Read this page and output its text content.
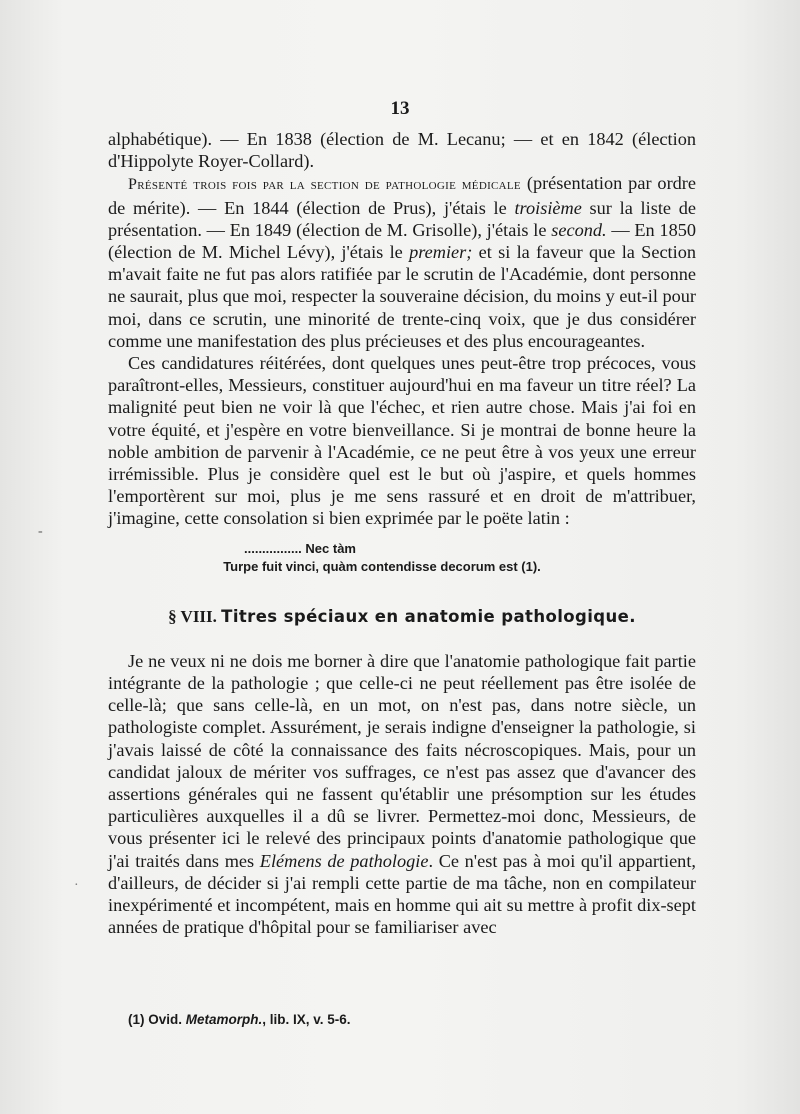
13

alphabétique). — En 1838 (élection de M. Lecanu; — et en 1842 (élection d'Hippolyte Royer-Collard).

Présenté trois fois par la section de pathologie médicale (présentation par ordre de mérite). — En 1844 (élection de Prus), j'étais le troisième sur la liste de présentation. — En 1849 (élection de M. Grisolle), j'étais le second. — En 1850 (élection de M. Michel Lévy), j'étais le premier; et si la faveur que la Section m'avait faite ne fut pas alors ratifiée par le scrutin de l'Académie, dont personne ne saurait, plus que moi, respecter la souveraine décision, du moins y eut-il pour moi, dans ce scrutin, une minorité de trente-cinq voix, que je dus considérer comme une manifestation des plus précieuses et des plus encourageantes.

Ces candidatures réitérées, dont quelques unes peut-être trop précoces, vous paraîtront-elles, Messieurs, constituer aujourd'hui en ma faveur un titre réel? La malignité peut bien ne voir là que l'échec, et rien autre chose. Mais j'ai foi en votre équité, et j'espère en votre bienveillance. Si je montrai de bonne heure la noble ambition de parvenir à l'Académie, ce ne peut être à vos yeux une erreur irrémissible. Plus je considère quel est le but où j'aspire, et quels hommes l'emportèrent sur moi, plus je me sens rassuré et en droit de m'attribuer, j'imagine, cette consolation si bien exprimée par le poëte latin :

................ Nec tàm
Turpe fuit vinci, quàm contendisse decorum est (1).
§ VIII. Titres spéciaux en anatomie pathologique.

Je ne veux ni ne dois me borner à dire que l'anatomie pathologique fait partie intégrante de la pathologie ; que celle-ci ne peut réellement pas être isolée de celle-là; que sans celle-là, en un mot, on n'est pas, dans notre siècle, un pathologiste complet. Assurément, je serais indigne d'enseigner la pathologie, si j'avais laissé de côté la connaissance des faits nécroscopiques. Mais, pour un candidat jaloux de mériter vos suffrages, ce n'est pas assez que d'avancer des assertions générales qui ne fassent qu'établir une présomption sur les études particulières auxquelles il a dû se livrer. Permettez-moi donc, Messieurs, de vous présenter ici le relevé des principaux points d'anatomie pathologique que j'ai traités dans mes Elémens de pathologie. Ce n'est pas à moi qu'il appartient, d'ailleurs, de décider si j'ai rempli cette partie de ma tâche, non en compilateur inexpérimenté et incompétent, mais en homme qui ait su mettre à profit dix-sept années de pratique d'hôpital pour se familiariser avec

(1) Ovid. Metamorph., lib. IX, v. 5-6.
-
·
